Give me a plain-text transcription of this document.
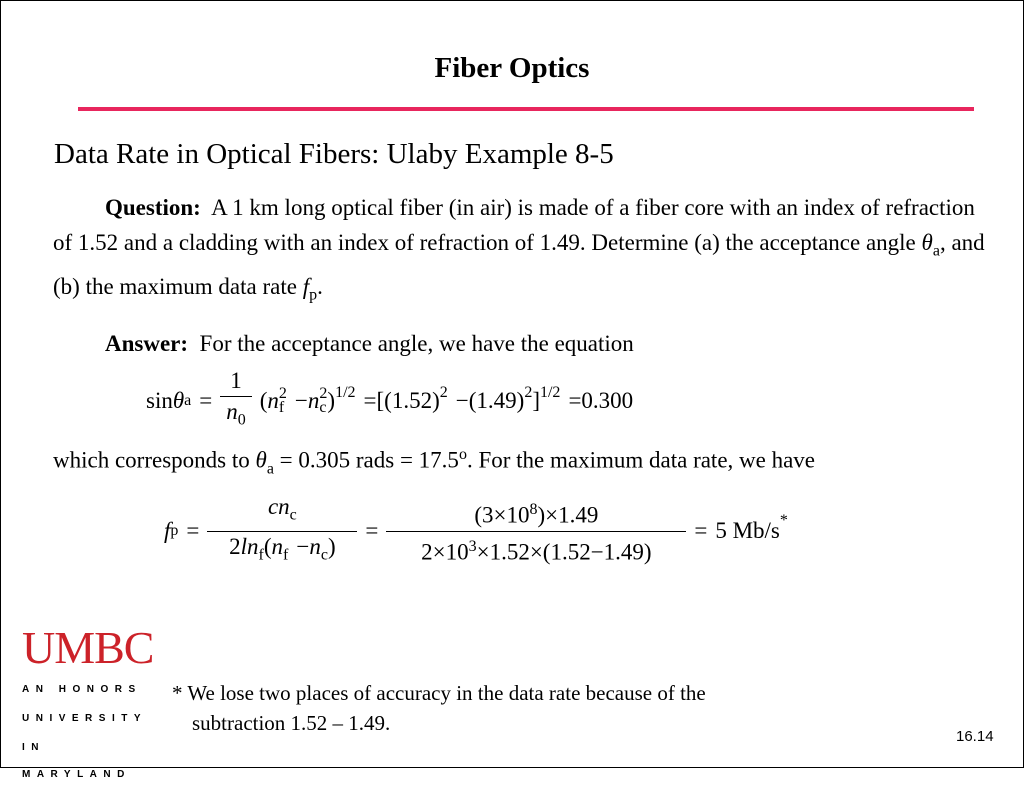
Fiber Optics
Data Rate in Optical Fibers: Ulaby Example 8-5
Question: A 1 km long optical fiber (in air) is made of a fiber core with an index of refraction of 1.52 and a cladding with an index of refraction of 1.49. Determine (a) the acceptance angle $\theta_a$, and (b) the maximum data rate $f_p$.
Answer: For the acceptance angle, we have the equation
sin θ $a = \frac{1}{n_0}$ ( n 2
f − n 2
c )$^{1/2} = [(1.52)^2 - (1.49)^2$ ]$^{1/2}$ = 0.300
which corresponds to $\theta_a = 0.305$ rads = $17.5^o$. For the maximum data rate, we have
f $p = \frac{cn_c}{2\ln_f(n_f -n_c)} = \frac{(3\times 10^8)\times 1.49}{2\times 10^3\times 1.52\times(1.52-1.49)} = 5$ Mb/s*
UMBC
AN HONORS
UNIVERSITY
IN MARYLAND
* We lose two places of accuracy in the data rate because of the
subtraction 1.52 – 1.49.
16.14
